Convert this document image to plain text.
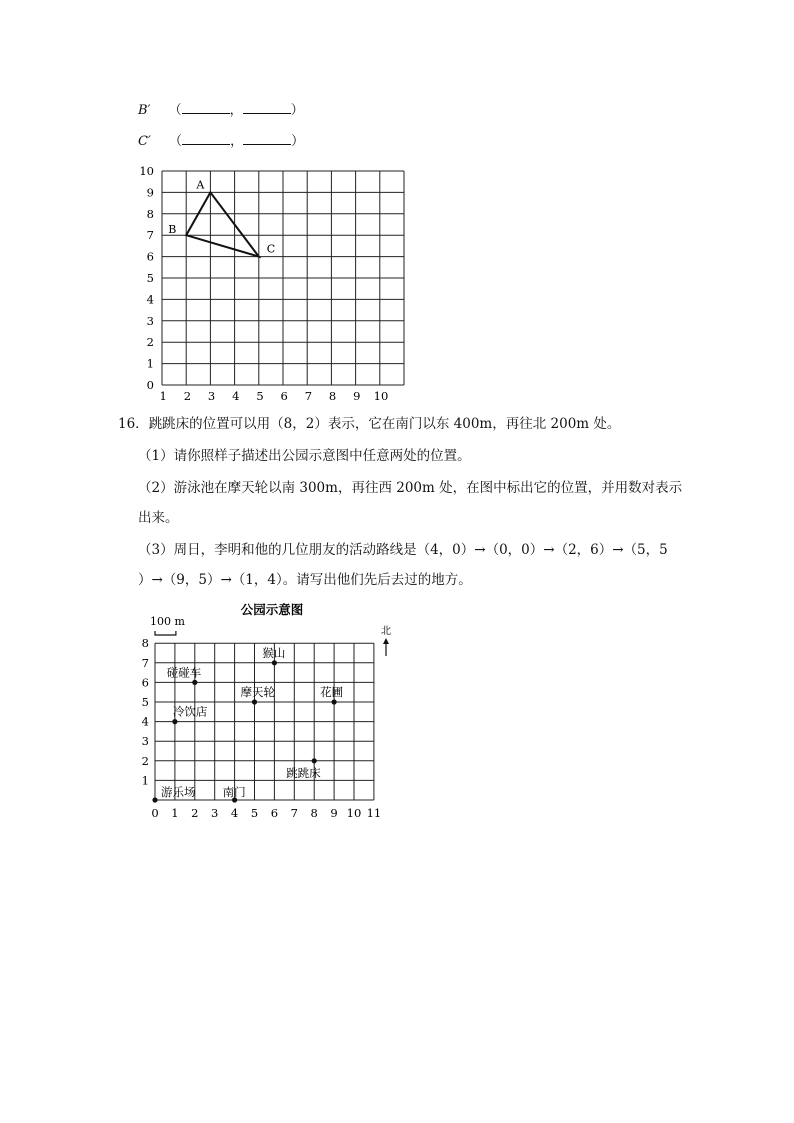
B′ （	，	）
C′ （	，	）
1 2 3 4 5 6 7 8 9 10
0
1
2
3
4
5
6
7
8
9
10
A
B
C
16．跳跳床的位置可以用（8，2）表示，它在南门以东 400m，再往北 200m 处。
（1）请你照样子描述出公园示意图中任意两处的位置。
（2）游泳池在摩天轮以南 300m，再往西 200m 处，在图中标出它的位置，并用数对表示
出来。
（3）周日，李明和他的几位朋友的活动路线是（4，0）→（0，0）→（2，6）→（5，5
）→（9，5）→（1，4）。请写出他们先后去过的地方。
公园示意图
100 m
0 1 2 3 4 5 6 7 8 9 10 11
1
2
3
4
5
6
7
8
北
猴山
碰碰车
摩天轮	花圃
冷饮店
跳跳床
游乐场 南门
